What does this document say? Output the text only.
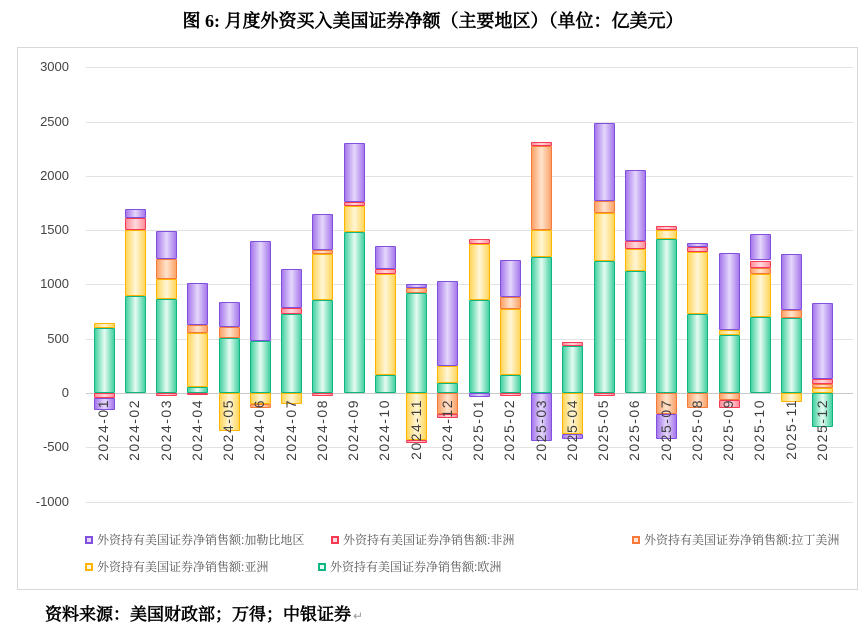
图 6: 月度外资买入美国证券净额（主要地区）（单位：亿美元）
3000
2500
2000
1500
1000
500
0
-500
-1000
2024-01 2024-02 2024-03 2024-04 2024-05 2024-06 2024-07 2024-08 2024-09 2024-10 2024-11 2024-12 2025-01 2025-02 2025-03 2025-04 2025-05 2025-06 2025-07 2025-08 2025-09 2025-10 2025-11 2025-12
外资持有美国证券净销售额:加勒比地区	外资持有美国证券净销售额:非洲	外资持有美国证券净销售额:拉丁美洲
外资持有美国证券净销售额:亚洲	外资持有美国证券净销售额:欧洲
资料来源：美国财政部；万得；中银证券 ↵
